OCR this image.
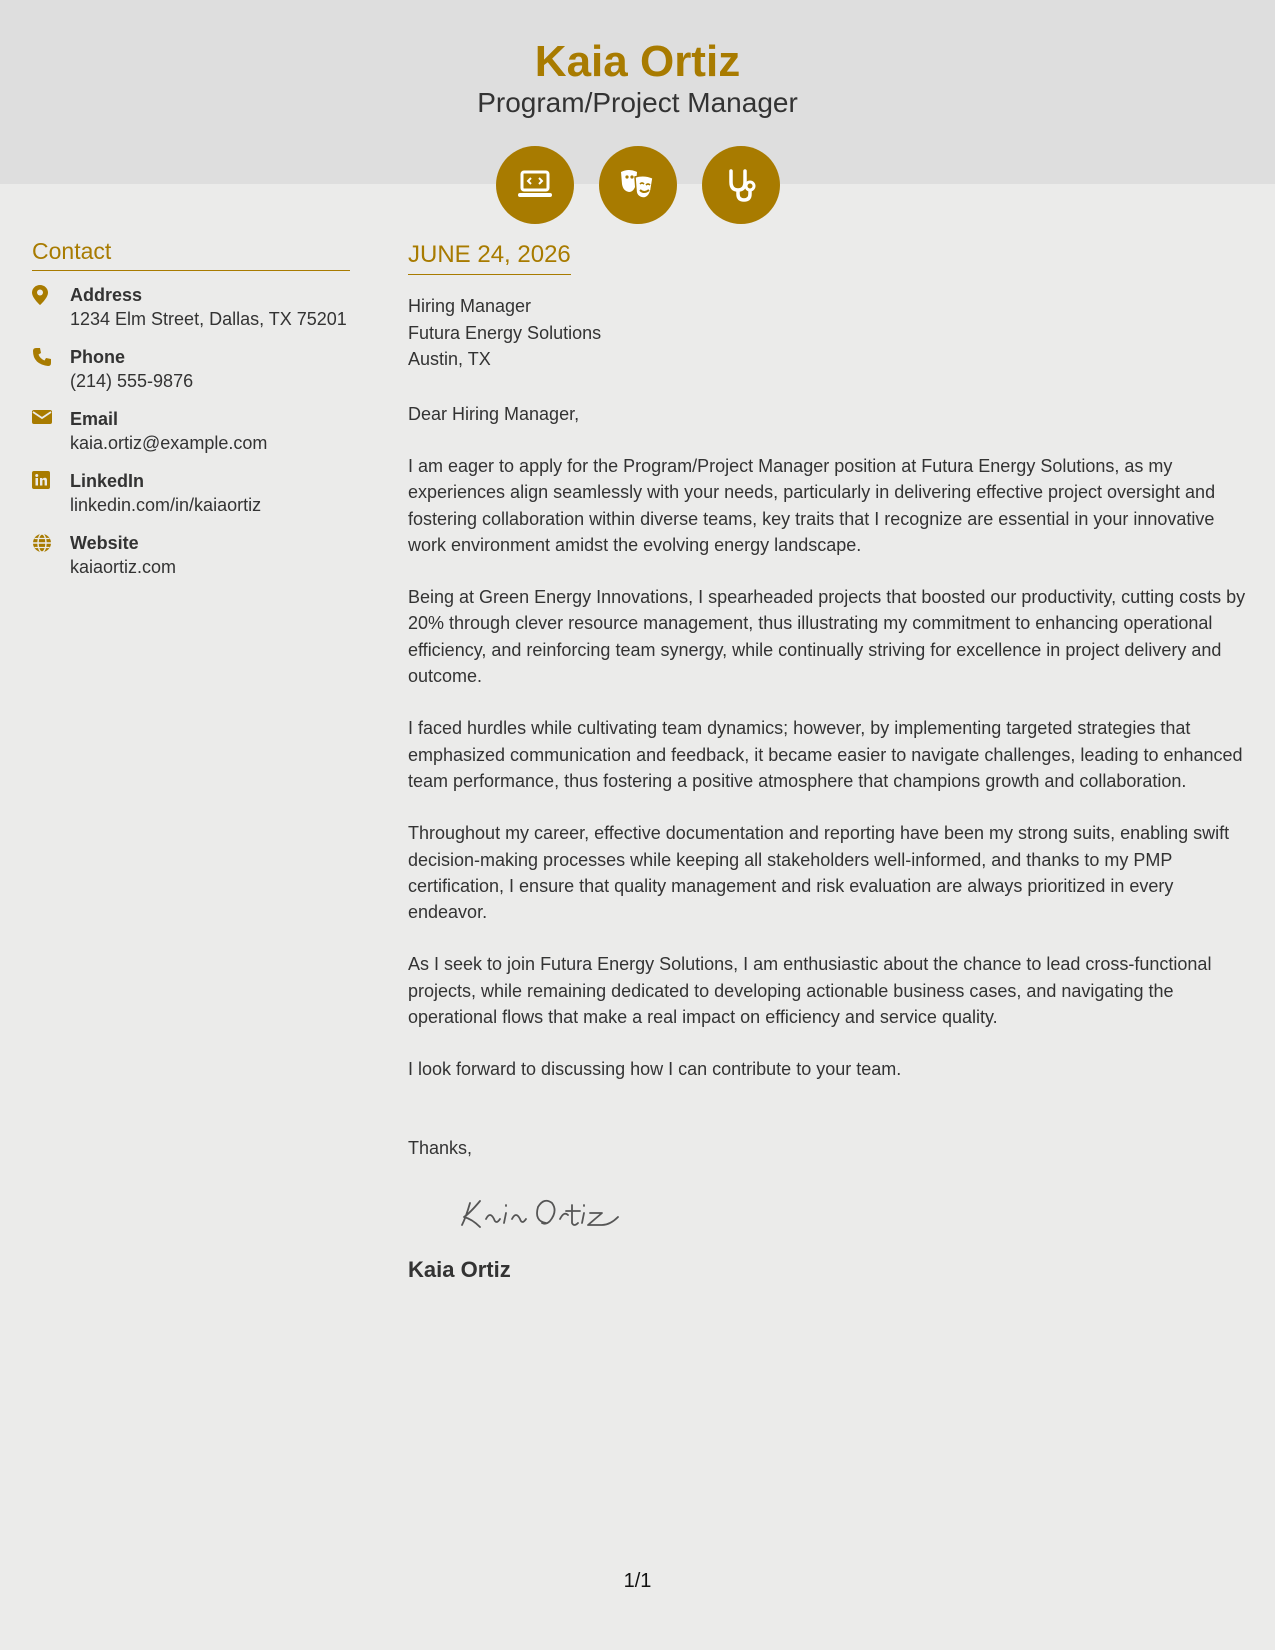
Kaia Ortiz
Program/Project Manager
Contact
Address
1234 Elm Street, Dallas, TX 75201
Phone
(214) 555-9876
Email
kaia.ortiz@example.com
LinkedIn
linkedin.com/in/kaiaortiz
Website
kaiaortiz.com
JUNE 24, 2026
Hiring Manager
Futura Energy Solutions
Austin, TX
Dear Hiring Manager,
I am eager to apply for the Program/Project Manager position at Futura Energy Solutions, as my experiences align seamlessly with your needs, particularly in delivering effective project oversight and fostering collaboration within diverse teams, key traits that I recognize are essential in your innovative work environment amidst the evolving energy landscape.
Being at Green Energy Innovations, I spearheaded projects that boosted our productivity, cutting costs by 20% through clever resource management, thus illustrating my commitment to enhancing operational efficiency, and reinforcing team synergy, while continually striving for excellence in project delivery and outcome.
I faced hurdles while cultivating team dynamics; however, by implementing targeted strategies that emphasized communication and feedback, it became easier to navigate challenges, leading to enhanced team performance, thus fostering a positive atmosphere that champions growth and collaboration.
Throughout my career, effective documentation and reporting have been my strong suits, enabling swift decision-making processes while keeping all stakeholders well-informed, and thanks to my PMP certification, I ensure that quality management and risk evaluation are always prioritized in every endeavor.
As I seek to join Futura Energy Solutions, I am enthusiastic about the chance to lead cross-functional projects, while remaining dedicated to developing actionable business cases, and navigating the operational flows that make a real impact on efficiency and service quality.
I look forward to discussing how I can contribute to your team.
Thanks,
Kaia Ortiz
1/1
